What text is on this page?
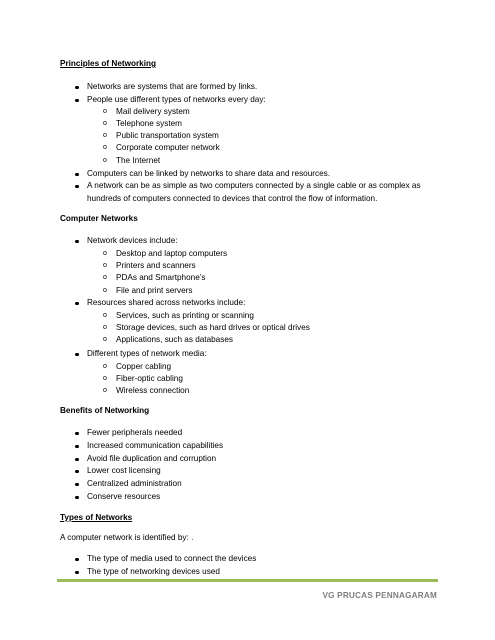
Principles of Networking
Networks are systems that are formed by links.
People use different types of networks every day:
o Mail delivery system
o Telephone system
o Public transportation system
o Corporate computer network
o The Internet
Computers can be linked by networks to share data and resources.
A network can be as simple as two computers connected by a single cable or as complex as hundreds of computers connected to devices that control the flow of information.
Computer Networks
Network devices include:
o Desktop and laptop computers
o Printers and scanners
o PDAs and Smartphone’s
o File and print servers
Resources shared across networks include:
o Services, such as printing or scanning
o Storage devices, such as hard drives or optical drives
o Applications, such as databases
Different types of network media:
o Copper cabling
o Fiber-optic cabling
o Wireless connection
Benefits of Networking
Fewer peripherals needed
Increased communication capabilities
Avoid file duplication and corruption
Lower cost licensing
Centralized administration
Conserve resources
Types of Networks
A computer network is identified by: .
The type of media used to connect the devices
The type of networking devices used
VG PRUCAS PENNAGARAM
